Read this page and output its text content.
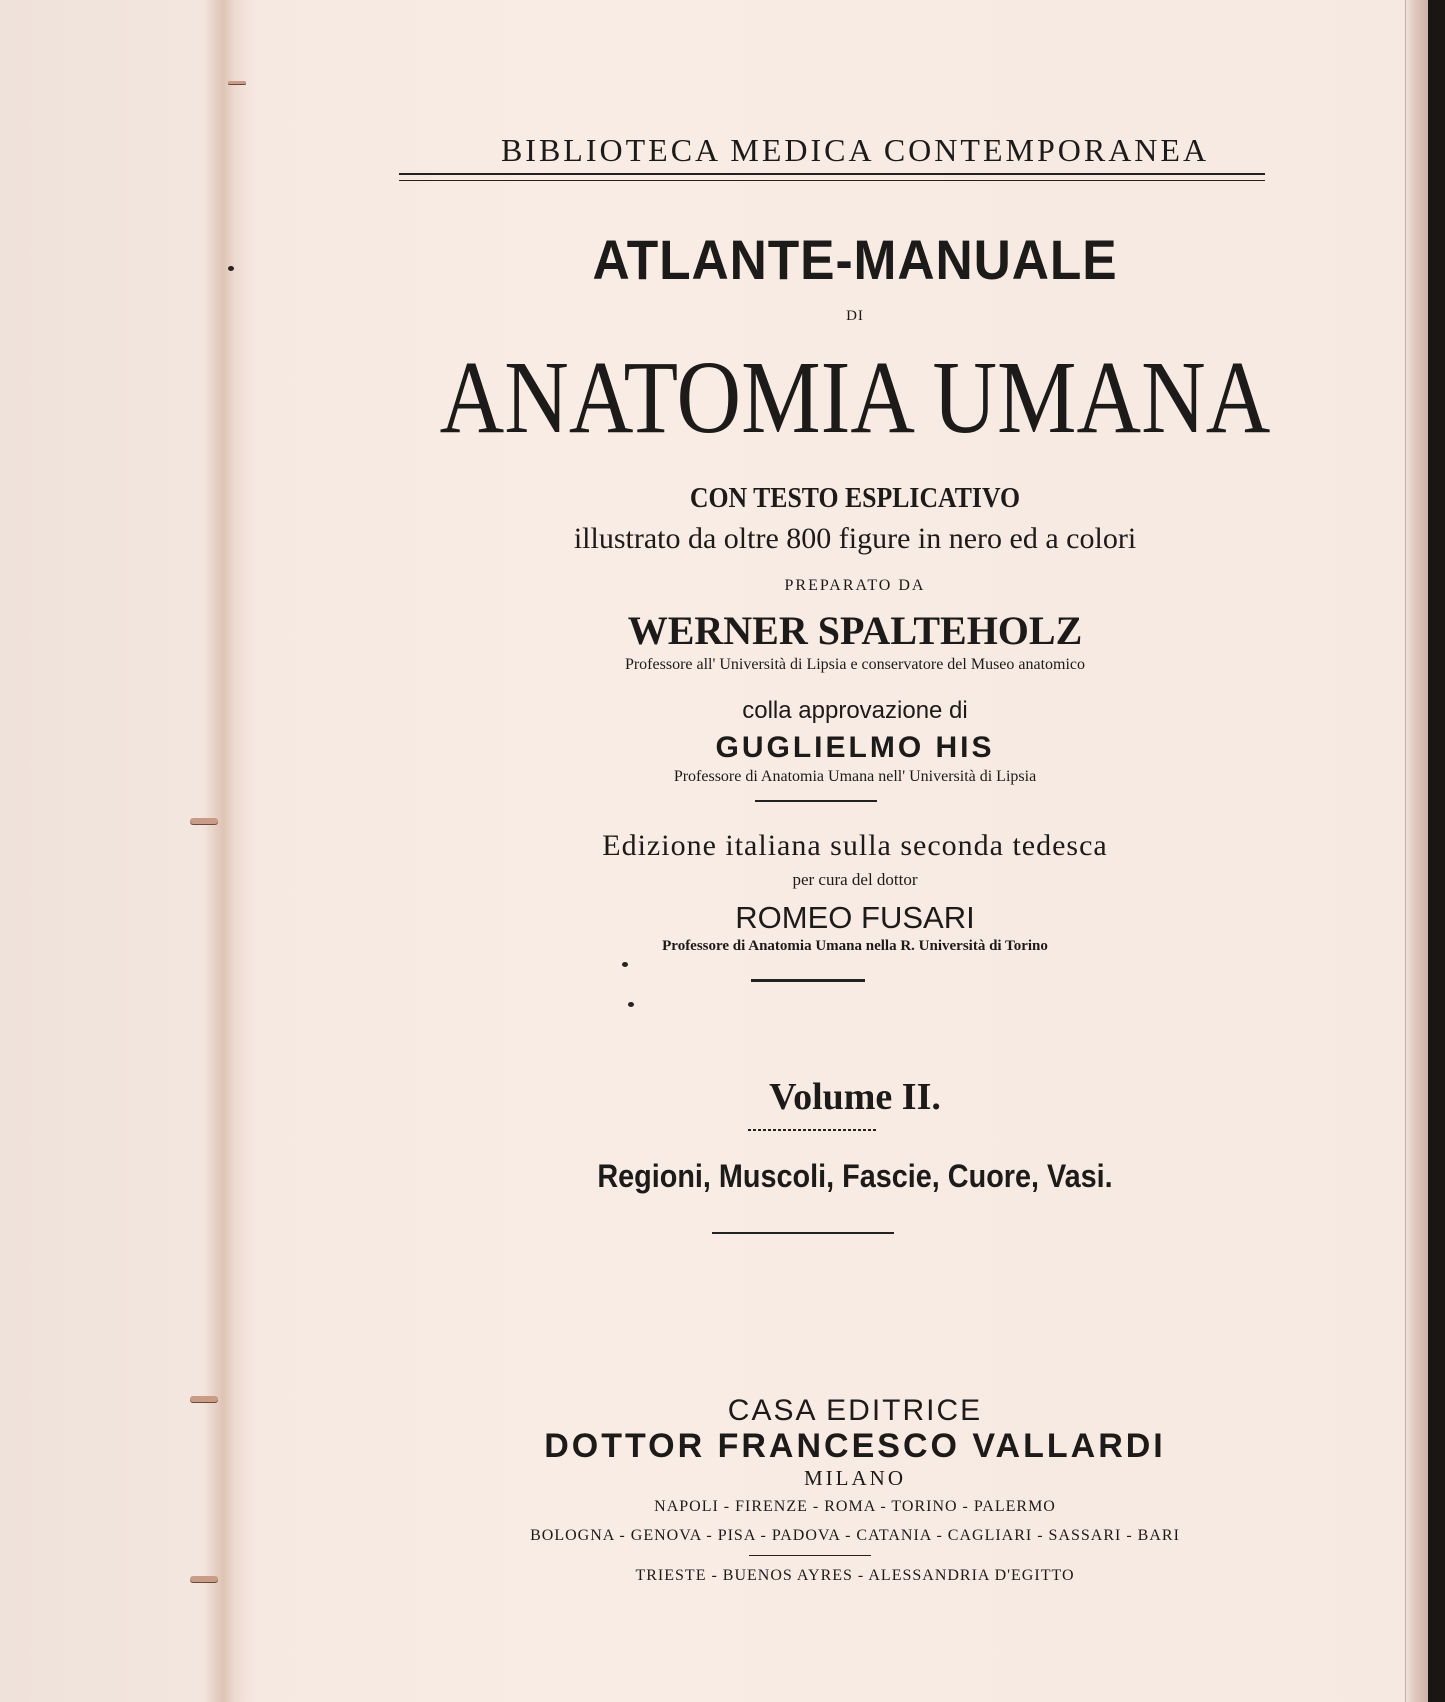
BIBLIOTECA MEDICA CONTEMPORANEA
ATLANTE-MANUALE
DI
ANATOMIA UMANA
CON TESTO ESPLICATIVO
illustrato da oltre 800 figure in nero ed a colori
PREPARATO DA
WERNER SPALTEHOLZ
Professore all' Università di Lipsia e conservatore del Museo anatomico
colla approvazione di
GUGLIELMO HIS
Professore di Anatomia Umana nell' Università di Lipsia
Edizione italiana sulla seconda tedesca
per cura del dottor
ROMEO FUSARI
Professore di Anatomia Umana nella R. Università di Torino
Volume II.
Regioni, Muscoli, Fascie, Cuore, Vasi.
CASA EDITRICE
DOTTOR FRANCESCO VALLARDI
MILANO
NAPOLI - FIRENZE - ROMA - TORINO - PALERMO
BOLOGNA - GENOVA - PISA - PADOVA - CATANIA - CAGLIARI - SASSARI - BARI
TRIESTE - BUENOS AYRES - ALESSANDRIA D'EGITTO
